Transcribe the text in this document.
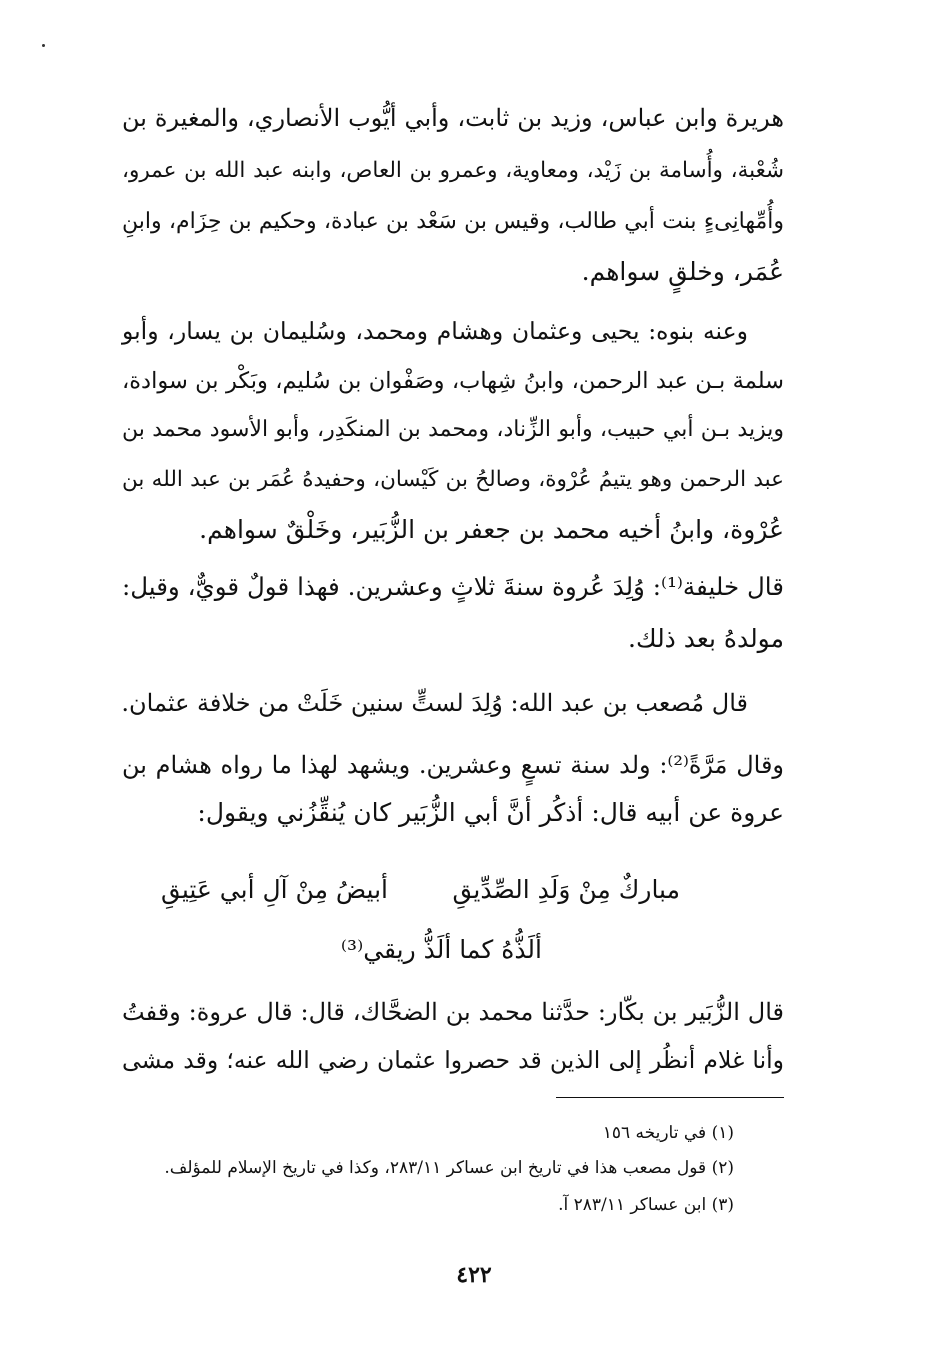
هريرة وابن عباس، وزيد بن ثابت، وأبي أيُّوب الأنصاري، والمغيرة بن
شُعْبة، وأُسامة بن زَيْد، ومعاوية، وعمرو بن العاص، وابنه عبد الله بن عمرو،
وأُمِّهانِىءٍ بنت أبي طالب، وقيس بن سَعْد بن عبادة، وحكيم بن حِزَام، وابنِ
عُمَر، وخلقٍ سواهم.
وعنه بنوه: يحيى وعثمان وهشام ومحمد، وسُليمان بن يسار، وأبو
سلمة بـن عبد الرحمن، وابنُ شِهاب، وصَفْوان بن سُليم، وبَكْر بن سوادة،
ويزيد بـن أبي حبيب، وأبو الزِّناد، ومحمد بن المنكَدِر، وأبو الأسود محمد بن
عبد الرحمن وهو يتيمُ عُرْوة، وصالحُ بن كَيْسان، وحفيدهُ عُمَر بن عبد الله بن
عُرْوة، وابنُ أخيه محمد بن جعفر بن الزُّبَير، وخَلْقٌ سواهم.
قال خليفة⁽¹⁾: وُلِدَ عُروة سنةَ ثلاثٍ وعشرين. فهذا قولٌ قويٌّ، وقيل:
مولدهُ بعد ذلك.
قال مُصعب بن عبد الله: وُلِدَ لستٍّ سنين خَلَتْ من خلافة عثمان.
وقال مَرَّةً⁽²⁾: ولد سنة تسعٍ وعشرين. ويشهد لهذا ما رواه هشام بن
عروة عن أبيه قال: أذكُر أنَّ أبي الزُّبَير كان يُنقِّزُني ويقول:
مباركٌ مِنْ وَلَدِ الصِّدِّيقِ
أبيضُ مِنْ آلِ أبي عَتِيقِ
ألَذُّهُ كما ألَذُّ ريقي⁽³⁾
قال الزُّبَير بن بكّار: حدَّثنا محمد بن الضحَّاك، قال: قال عروة: وقفتُ
وأنا غلام أنظُر إلى الذين قد حصروا عثمان رضي الله عنه؛ وقد مشى
(١) في تاريخه ١٥٦
(٢) قول مصعب هذا في تاريخ ابن عساكر ٢٨٣/١١، وكذا في تاريخ الإسلام للمؤلف.
(٣) ابن عساكر ٢٨٣/١١ آ.
٤٢٢
